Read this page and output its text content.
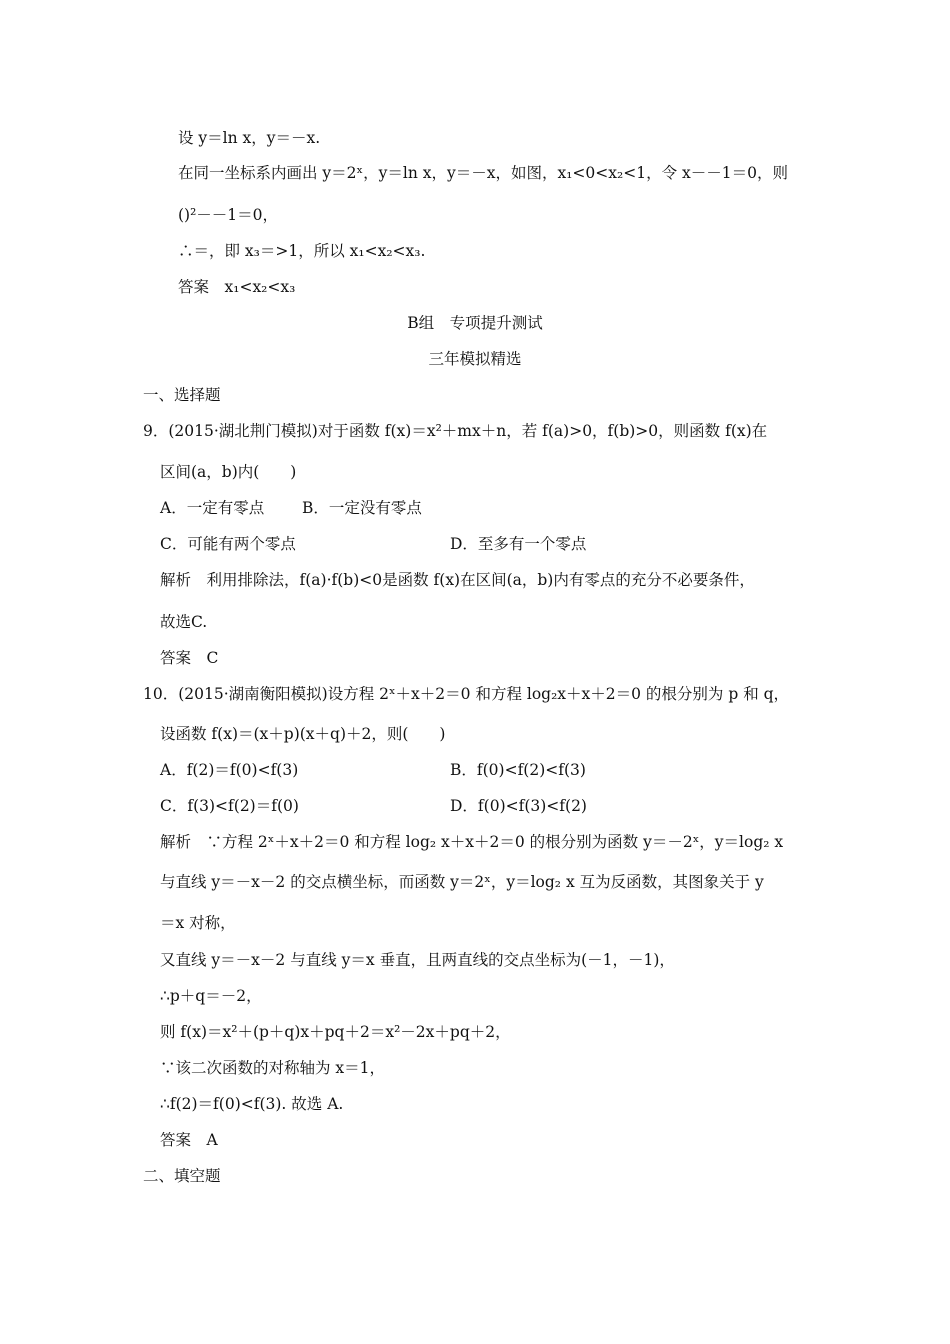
设 y＝ln x，y＝－x.
在同一坐标系内画出 y＝2ˣ，y＝ln x，y＝－x，如图，x₁<0<x₂<1，令 x－－1＝0，则
()²－－1＝0，
∴＝，即 x₃＝>1，所以 x₁<x₂<x₃.
答案　x₁<x₂<x₃
B组　专项提升测试
三年模拟精选
一、选择题
9．(2015·湖北荆门模拟)对于函数 f(x)＝x²＋mx＋n，若 f(a)>0，f(b)>0，则函数 f(x)在
区间(a，b)内(　　)
A．一定有零点 B．一定没有零点
C．可能有两个零点	D．至多有一个零点
解析　利用排除法，f(a)·f(b)<0是函数 f(x)在区间(a，b)内有零点的充分不必要条件，
故选C.
答案　C
10．(2015·湖南衡阳模拟)设方程 2ˣ＋x＋2＝0 和方程 log₂x＋x＋2＝0 的根分别为 p 和 q，
设函数 f(x)＝(x＋p)(x＋q)＋2，则(　　)
A．f(2)＝f(0)<f(3)	B．f(0)<f(2)<f(3)
C．f(3)<f(2)＝f(0)	D．f(0)<f(3)<f(2)
解析　∵方程 2ˣ＋x＋2＝0 和方程 log₂ x＋x＋2＝0 的根分别为函数 y＝－2ˣ，y＝log₂ x
与直线 y＝－x－2 的交点横坐标，而函数 y＝2ˣ，y＝log₂ x 互为反函数，其图象关于 y
＝x 对称，
又直线 y＝－x－2 与直线 y＝x 垂直，且两直线的交点坐标为(－1，－1)，
∴p＋q＝－2，
则 f(x)＝x²＋(p＋q)x＋pq＋2＝x²－2x＋pq＋2，
∵该二次函数的对称轴为 x＝1，
∴f(2)＝f(0)<f(3). 故选 A.
答案　A
二、填空题
